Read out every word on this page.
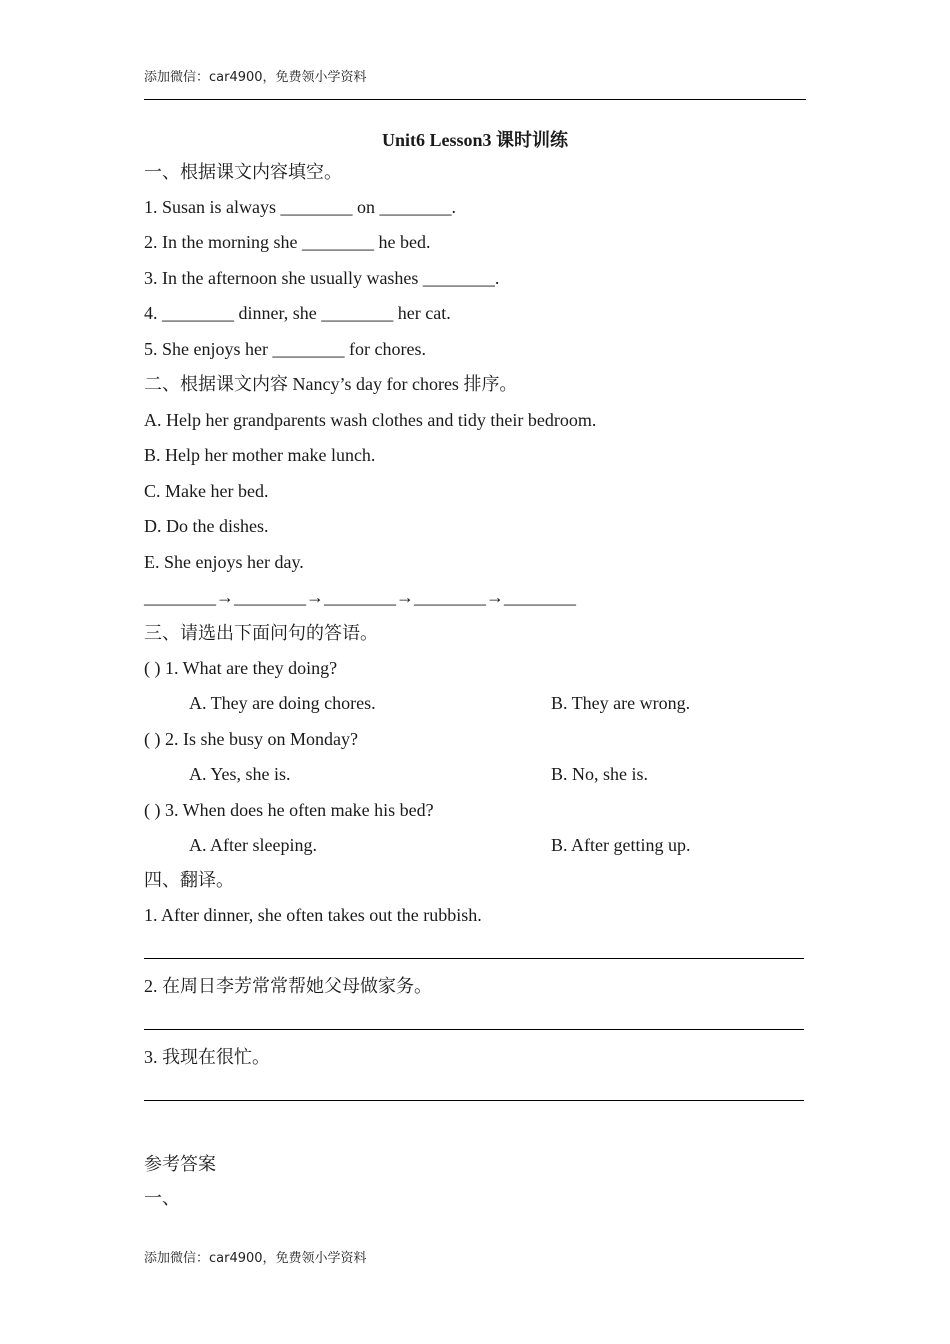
添加微信：car4900，免费领小学资料
Unit6 Lesson3 课时训练
一、根据课文内容填空。
1. Susan is always ________ on ________.
2. In the morning she ________ he bed.
3. In the afternoon she usually washes ________.
4. ________ dinner, she ________ her cat.
5. She enjoys her ________ for chores.
二、根据课文内容 Nancy’s day for chores 排序。
A. Help her grandparents wash clothes and tidy their bedroom.
B. Help her mother make lunch.
C. Make her bed.
D. Do the dishes.
E. She enjoys her day.
________→________→________→________→________
三、请选出下面问句的答语。
( ) 1. What are they doing?
A. They are doing chores.	B. They are wrong.
( ) 2. Is she busy on Monday?
A. Yes, she is.	B. No, she is.
( ) 3. When does he often make his bed?
A. After sleeping.	B. After getting up.
四、翻译。
1. After dinner, she often takes out the rubbish.
2. 在周日李芳常常帮她父母做家务。
3. 我现在很忙。
参考答案
一、
添加微信：car4900，免费领小学资料
